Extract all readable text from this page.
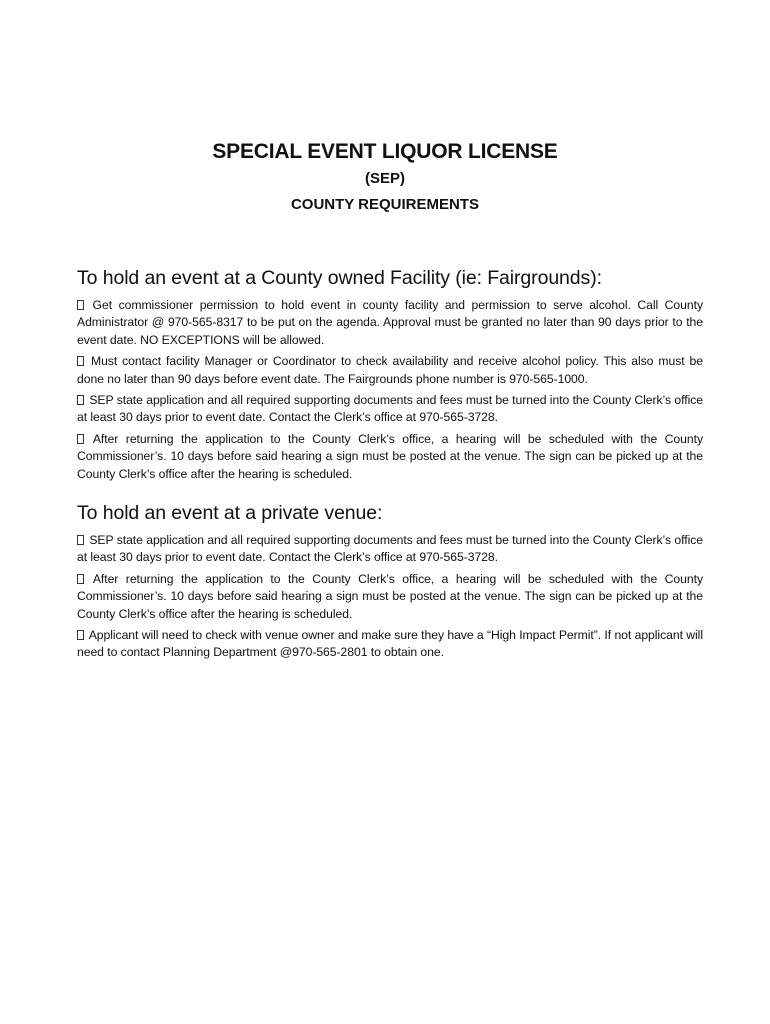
SPECIAL EVENT LIQUOR LICENSE
(SEP)
COUNTY REQUIREMENTS
To hold an event at a County owned Facility (ie: Fairgrounds):

Get commissioner permission to hold event in county facility and permission to serve alcohol. Call County Administrator @ 970-565-8317 to be put on the agenda. Approval must be granted no later than 90 days prior to the event date. NO EXCEPTIONS will be allowed.

Must contact facility Manager or Coordinator to check availability and receive alcohol policy. This also must be done no later than 90 days before event date. The Fairgrounds phone number is 970-565-1000.

SEP state application and all required supporting documents and fees must be turned into the County Clerk’s office at least 30 days prior to event date. Contact the Clerk’s office at 970-565-3728.

After returning the application to the County Clerk’s office, a hearing will be scheduled with the County Commissioner’s. 10 days before said hearing a sign must be posted at the venue. The sign can be picked up at the County Clerk’s office after the hearing is scheduled.

To hold an event at a private venue:

SEP state application and all required supporting documents and fees must be turned into the County Clerk’s office at least 30 days prior to event date. Contact the Clerk’s office at 970-565-3728.

After returning the application to the County Clerk’s office, a hearing will be scheduled with the County Commissioner’s. 10 days before said hearing a sign must be posted at the venue. The sign can be picked up at the County Clerk’s office after the hearing is scheduled.

Applicant will need to check with venue owner and make sure they have a “High Impact Permit”. If not applicant will need to contact Planning Department @970-565-2801 to obtain one.
